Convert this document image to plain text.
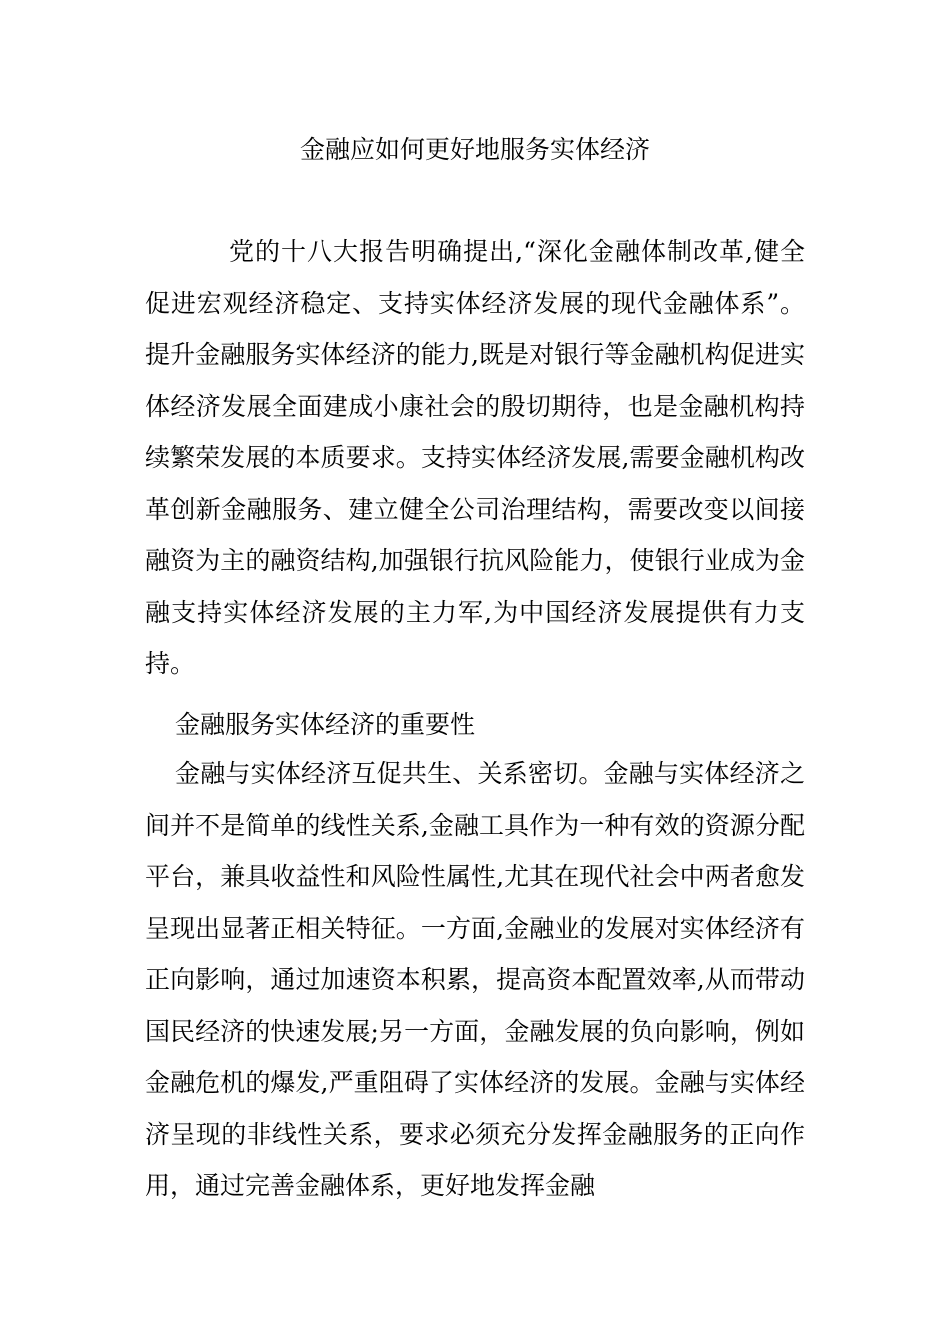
金融应如何更好地服务实体经济

党的十八大报告明确提出,“深化金融体制改革,健全促进宏观经济稳定、支持实体经济发展的现代金融体系”。提升金融服务实体经济的能力,既是对银行等金融机构促进实体经济发展全面建成小康社会的殷切期待，也是金融机构持续繁荣发展的本质要求。支持实体经济发展,需要金融机构改革创新金融服务、建立健全公司治理结构，需要改变以间接融资为主的融资结构,加强银行抗风险能力，使银行业成为金融支持实体经济发展的主力军,为中国经济发展提供有力支持。

金融服务实体经济的重要性

金融与实体经济互促共生、关系密切。金融与实体经济之间并不是简单的线性关系,金融工具作为一种有效的资源分配平台，兼具收益性和风险性属性,尤其在现代社会中两者愈发呈现出显著正相关特征。一方面,金融业的发展对实体经济有正向影响，通过加速资本积累，提高资本配置效率,从而带动国民经济的快速发展;另一方面，金融发展的负向影响，例如金融危机的爆发,严重阻碍了实体经济的发展。金融与实体经济呈现的非线性关系，要求必须充分发挥金融服务的正向作用，通过完善金融体系，更好地发挥金融
